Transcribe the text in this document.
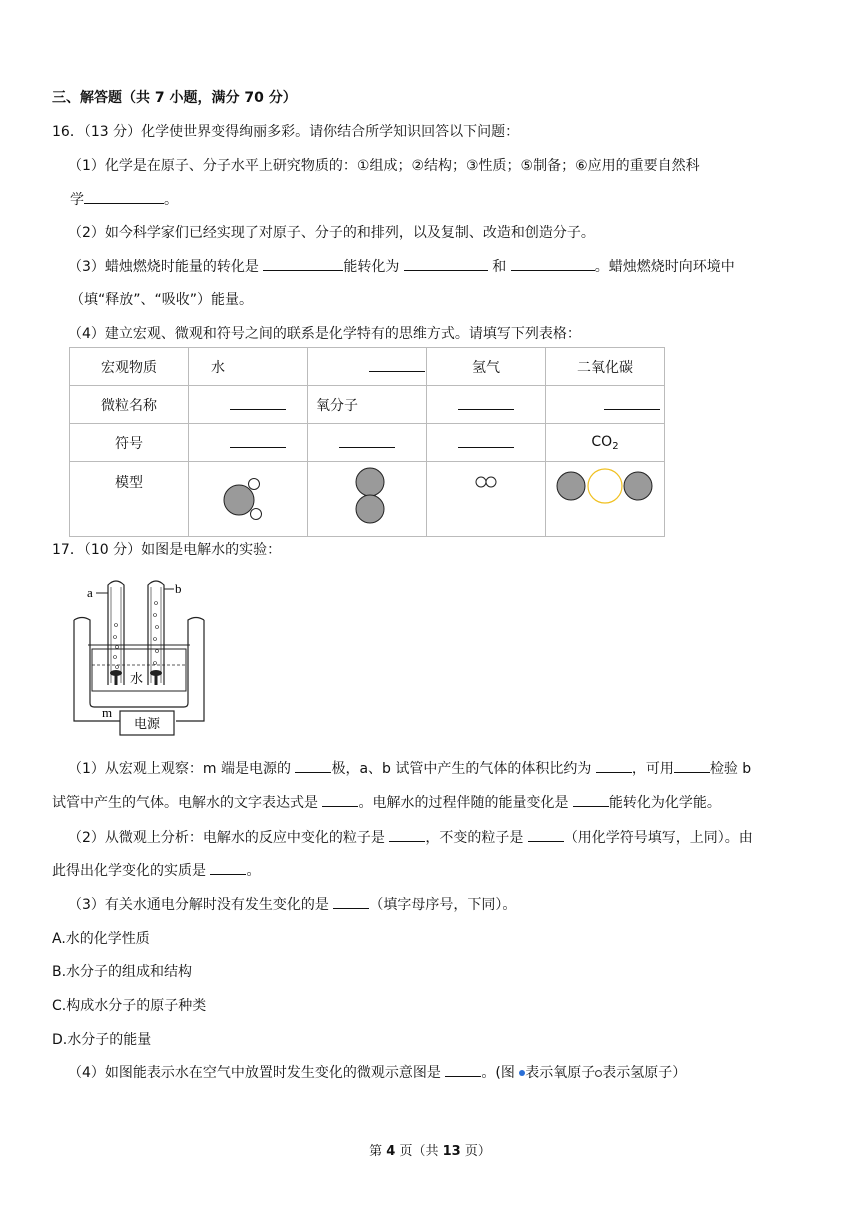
三、解答题（共 7 小题，满分 70 分）
16．（13 分）化学使世界变得绚丽多彩。请你结合所学知识回答以下问题：
（1）化学是在原子、分子水平上研究物质的：①组成；②结构；③性质；⑤制备；⑥应用的重要自然科
学	。
（2）如今科学家们已经实现了对原子、分子的和排列，以及复制、改造和创造分子。
（3）蜡烛燃烧时能量的转化是	能转化为	和	。蜡烛燃烧时向环境中
（填“释放”、“吸收”）能量。
（4）建立宏观、微观和符号之间的联系是化学特有的思维方式。请填写下列表格：
宏观物质	水		氢气	二氧化碳
微粒名称		氧分子		
符号				$CO_2$
模型				
17．（10 分）如图是电解水的实验：
a	b
水
m
电源
（1）从宏观上观察：m 端是电源的	极，a、b 试管中产生的气体的体积比约为	，可用	检验 b
试管中产生的气体。电解水的文字表达式是	。电解水的过程伴随的能量变化是	能转化为化学能。
（2）从微观上分析：电解水的反应中变化的粒子是	，不变的粒子是	（用化学符号填写，上同）。由
此得出化学变化的实质是	。
（3）有关水通电分解时没有发生变化的是	（填字母序号，下同）。
A.水的化学性质
B.水分子的组成和结构
C.构成水分子的原子种类
D.水分子的能量
（4）如图能表示水在空气中放置时发生变化的微观示意图是	。(图 表示氧原子 表示氢原子）
第 4 页（共 13 页）
